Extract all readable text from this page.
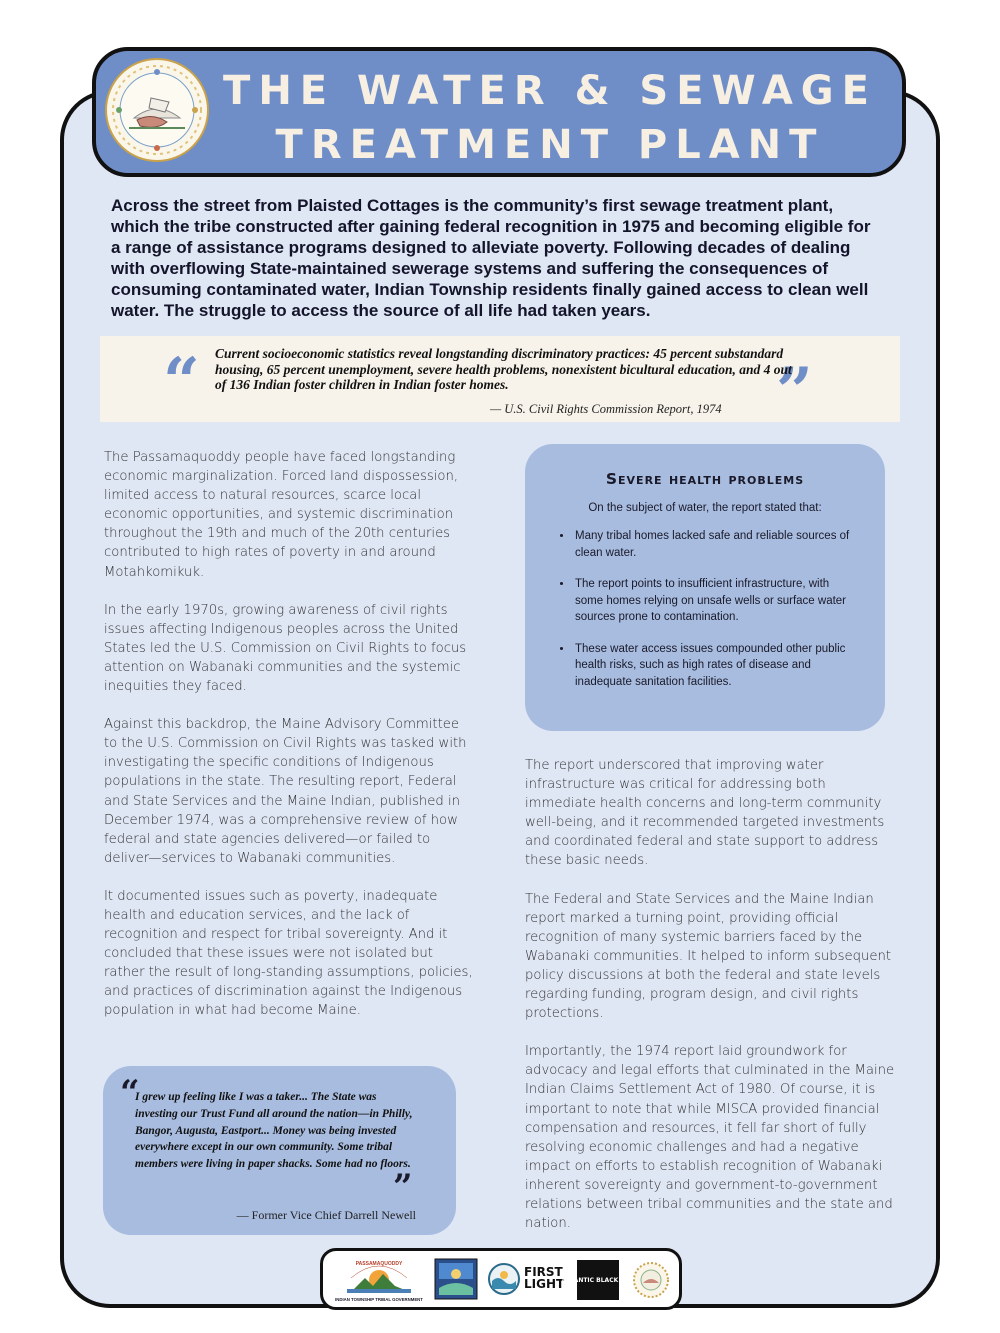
THE WATER & SEWAGE
TREATMENT PLANT

Across the street from Plaisted Cottages is the community’s first sewage treatment plant, which the tribe constructed after gaining federal recognition in 1975 and becoming eligible for a range of assistance programs designed to alleviate poverty. Following decades of dealing with overflowing State-maintained sewerage systems and suffering the consequences of consuming contaminated water, Indian Township residents finally gained access to clean well water. The struggle to access the source of all life had taken years.

“	”

Current socioeconomic statistics reveal longstanding discriminatory practices: 45 percent substandard housing, 65 percent unemployment, severe health problems, nonexistent bicultural education, and 4 out of 136 Indian foster children in Indian foster homes.

— U.S. Civil Rights Commission Report, 1974

The Passamaquoddy people have faced longstanding economic marginalization. Forced land dispossession, limited access to natural resources, scarce local economic opportunities, and systemic discrimination throughout the 19th and much of the 20th centuries contributed to high rates of poverty in and around Motahkomikuk.

In the early 1970s, growing awareness of civil rights issues affecting Indigenous peoples across the United States led the U.S. Commission on Civil Rights to focus attention on Wabanaki communities and the systemic inequities they faced.

Against this backdrop, the Maine Advisory Committee to the U.S. Commission on Civil Rights was tasked with investigating the specific conditions of Indigenous populations in the state. The resulting report, Federal and State Services and the Maine Indian, published in December 1974, was a comprehensive review of how federal and state agencies delivered—or failed to deliver—services to Wabanaki communities.

It documented issues such as poverty, inadequate health and education services, and the lack of recognition and respect for tribal sovereignty. And it concluded that these issues were not isolated but rather the result of long-standing assumptions, policies, and practices of discrimination against the Indigenous population in what had become Maine.

Severe health problems

On the subject of water, the report stated that:

• Many tribal homes lacked safe and reliable sources of clean water.
• The report points to insufficient infrastructure, with some homes relying on unsafe wells or surface water sources prone to contamination.
• These water access issues compounded other public health risks, such as high rates of disease and inadequate sanitation facilities.

The report underscored that improving water infrastructure was critical for addressing both immediate health concerns and long-term community well-being, and it recommended targeted investments and coordinated federal and state support to address these basic needs.

The Federal and State Services and the Maine Indian report marked a turning point, providing official recognition of many systemic barriers faced by the Wabanaki communities. It helped to inform subsequent policy discussions at both the federal and state levels regarding funding, program design, and civil rights protections.

Importantly, the 1974 report laid groundwork for advocacy and legal efforts that culminated in the Maine Indian Claims Settlement Act of 1980. Of course, it is important to note that while MISCA provided financial compensation and resources, it fell far short of fully resolving economic challenges and had a negative impact on efforts to establish recognition of Wabanaki inherent sovereignty and government-to-government relations between tribal communities and the state and nation.

“
”

I grew up feeling like I was a taker... The State was investing our Trust Fund all around the nation—in Philly, Bangor, Augusta, Eastport... Money was being invested everywhere except in our own community. Some tribal members were living in paper shacks. Some had no floors.

— Former Vice Chief Darrell Newell
PASSAMAQUODDY
INDIAN TOWNSHIP TRIBAL GOVERNMENT
FIRST LIGHT
ATLANTIC BLACK BOX
